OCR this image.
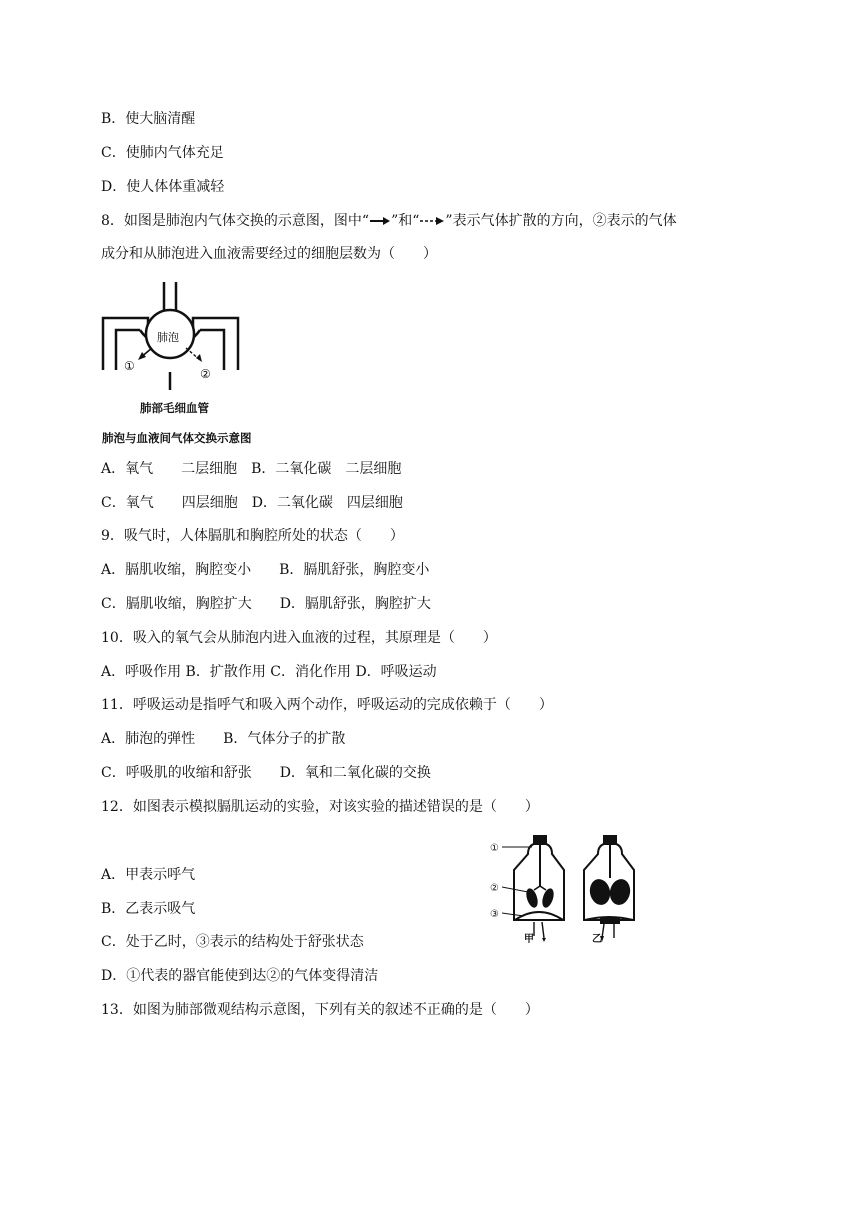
B．使大脑清醒
C．使肺内气体充足
D．使人体体重减轻
8．如图是肺泡内气体交换的示意图，图中“ ”和“ ”表示气体扩散的方向，②表示的气体
成分和从肺泡进入血液需要经过的细胞层数为（　　）
肺泡
①
②
肺部毛细血管
肺泡与血液间气体交换示意图
A．氧气　　二层细胞　B．二氧化碳　二层细胞
C．氧气　　四层细胞　D．二氧化碳　四层细胞
9．吸气时，人体膈肌和胸腔所处的状态（　　）
A．膈肌收缩，胸腔变小　　B．膈肌舒张，胸腔变小
C．膈肌收缩，胸腔扩大　　D．膈肌舒张，胸腔扩大
10．吸入的氧气会从肺泡内进入血液的过程，其原理是（　　）
A．呼吸作用 B．扩散作用 C．消化作用 D．呼吸运动
11．呼吸运动是指呼气和吸入两个动作，呼吸运动的完成依赖于（　　）
A．肺泡的弹性　　B．气体分子的扩散
C．呼吸肌的收缩和舒张　　D．氧和二氧化碳的交换
12．如图表示模拟膈肌运动的实验，对该实验的描述错误的是（　　）
A．甲表示呼气
B．乙表示吸气
C．处于乙时，③表示的结构处于舒张状态
D．①代表的器官能使到达②的气体变得清洁
①
②
③
甲	乙
13．如图为肺部微观结构示意图，下列有关的叙述不正确的是（　　）
